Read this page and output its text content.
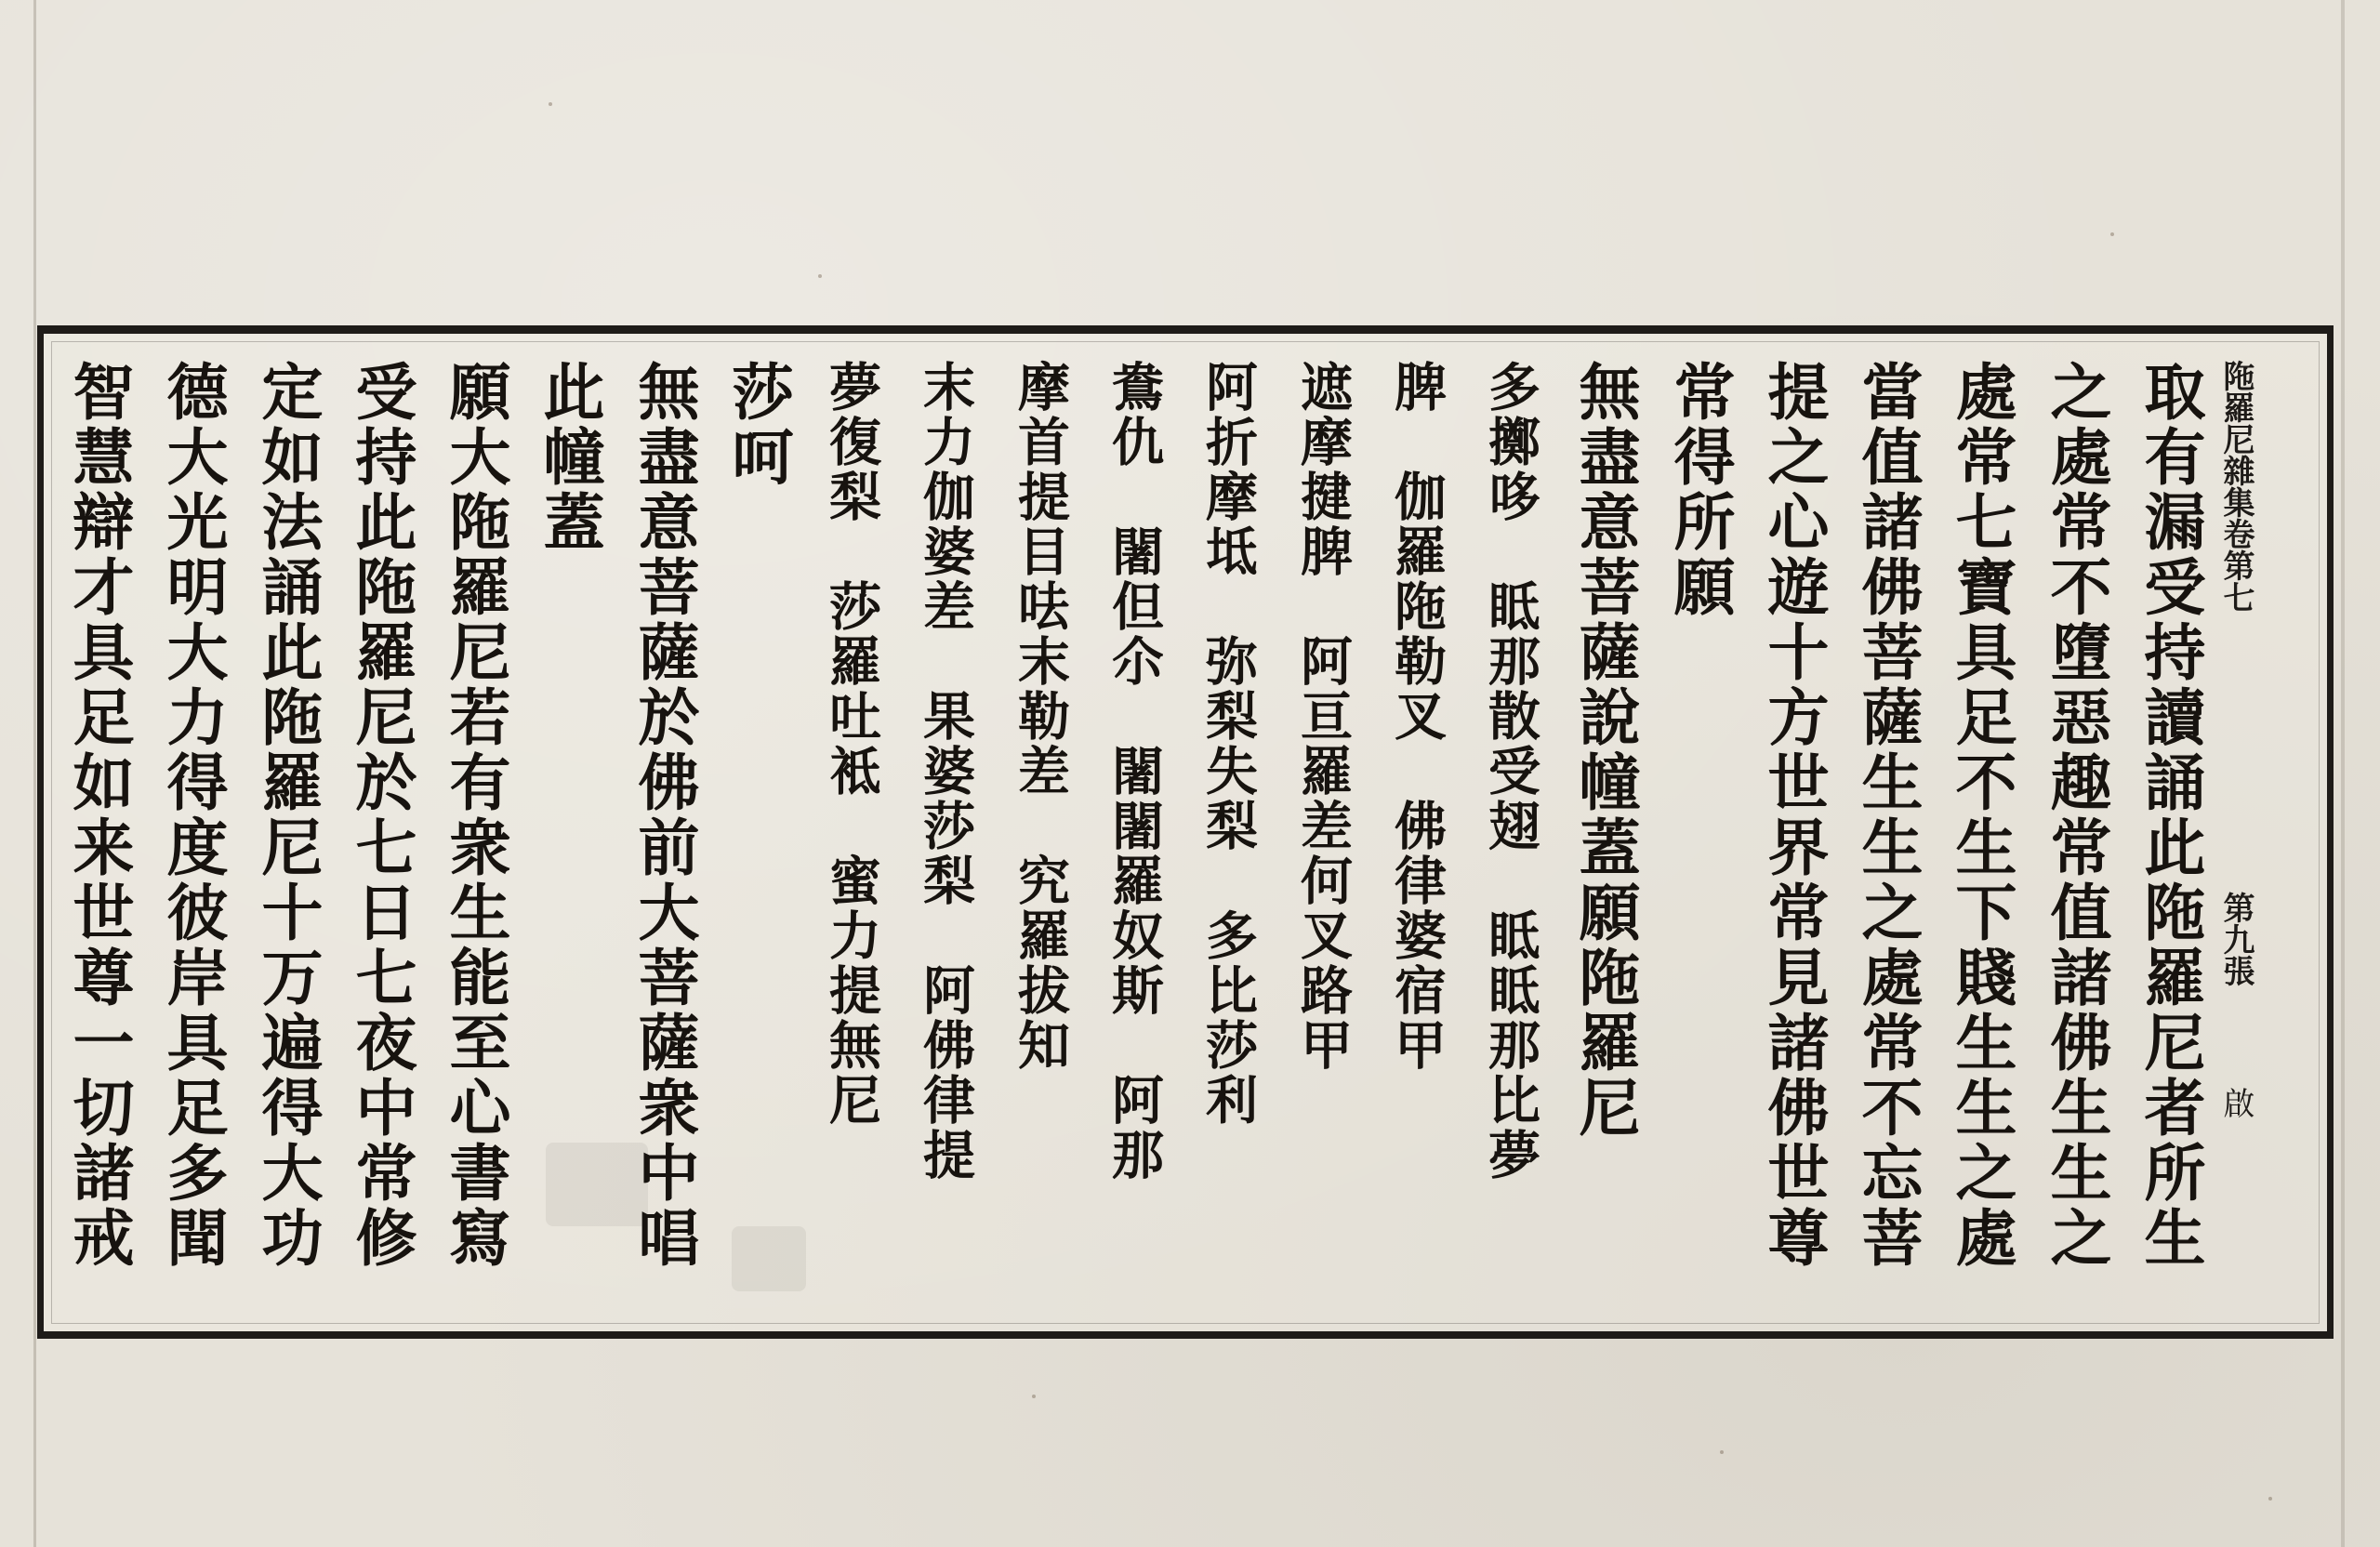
陁羅尼雜集卷第七
第九張
啟
取有漏受持讀誦此陁羅尼者所生
之處常不墮惡趣常值諸佛生生之
處常七寶具足不生下賤生生之處
當值諸佛菩薩生生之處常不忘菩
提之心遊十方世界常見諸佛世尊
常得所願
無盡意菩薩說幢蓋願陁羅尼
多擲哆　眡那散受翅　眡眡那比夢
脾　伽羅陁勒叉　佛律婆宿甲
遮摩揵脾　阿亘羅差何叉路甲
阿折摩坻　弥梨失梨　多比莎利
鴦仇　闍但尒　闍闍羅奴斯　阿那
摩首提目呿末勒差　究羅拔知
末力伽婆差　果婆莎梨　阿佛律提
夢復梨　莎羅吐袛　蜜力提無尼
莎呵
無盡意菩薩於佛前大菩薩衆中唱
此幢蓋
願大陁羅尼若有衆生能至心書寫
受持此陁羅尼於七日七夜中常修
定如法誦此陁羅尼十万遍得大功
德大光明大力得度彼岸具足多聞
智慧辯才具足如来世尊一切諸戒
